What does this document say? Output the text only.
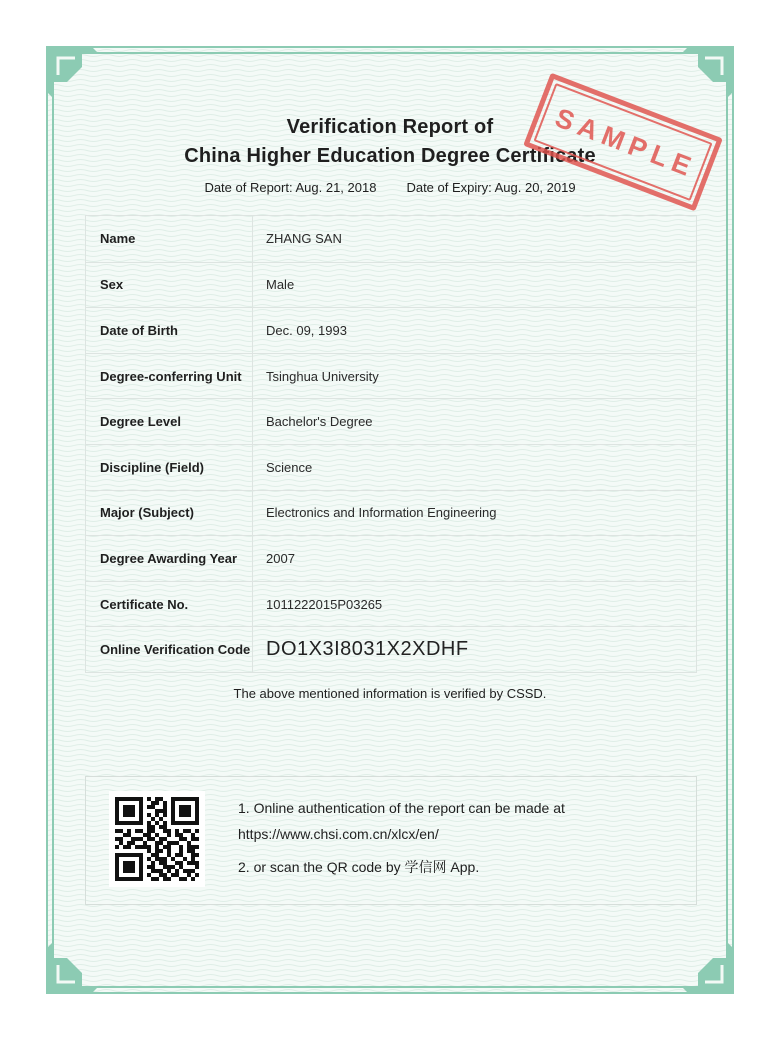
Verification Report of
China Higher Education Degree Certificate
Date of Report: Aug. 21, 2018 Date of Expiry: Aug. 20, 2019
SAMPLE
Name	ZHANG SAN
Sex	Male
Date of Birth	Dec. 09, 1993
Degree-conferring Unit	Tsinghua University
Degree Level	Bachelor's Degree
Discipline (Field)	Science
Major (Subject)	Electronics and Information Engineering
Degree Awarding Year	2007
Certificate No.	1011222015P03265
Online Verification Code DO1X3I8031X2XDHF
The above mentioned information is verified by CSSD.
1. Online authentication of the report can be made at
https://www.chsi.com.cn/xlcx/en/
2. or scan the QR code by 学信网 App.
